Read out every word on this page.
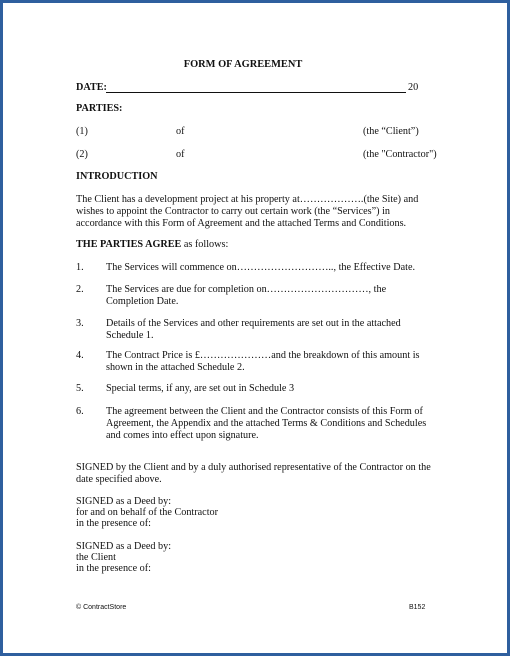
FORM OF AGREEMENT
DATE:	20
PARTIES:
(1)	of	(the “Client”)
(2)	of	(the "Contractor")
INTRODUCTION
The Client has a development project at his property at……………….(the Site) and wishes to appoint the Contractor to carry out certain work (the “Services”) in accordance with this Form of Agreement and the attached Terms and Conditions.
THE PARTIES AGREE as follows:
1. The Services will commence on……………………….., the Effective Date.
2. The Services are due for completion on…………………………, the Completion Date.
3. Details of the Services and other requirements are set out in the attached Schedule 1.
4. The Contract Price is £…………………and the breakdown of this amount is shown in the attached Schedule 2.
5. Special terms, if any, are set out in Schedule 3
6. The agreement between the Client and the Contractor consists of this Form of Agreement, the Appendix and the attached Terms & Conditions and Schedules and comes into effect upon signature.
SIGNED by the Client and by a duly authorised representative of the Contractor on the date specified above.
SIGNED as a Deed by:
for and on behalf of the Contractor
in the presence of:
SIGNED as a Deed by:
the Client
in the presence of:
© ContractStore	B152
